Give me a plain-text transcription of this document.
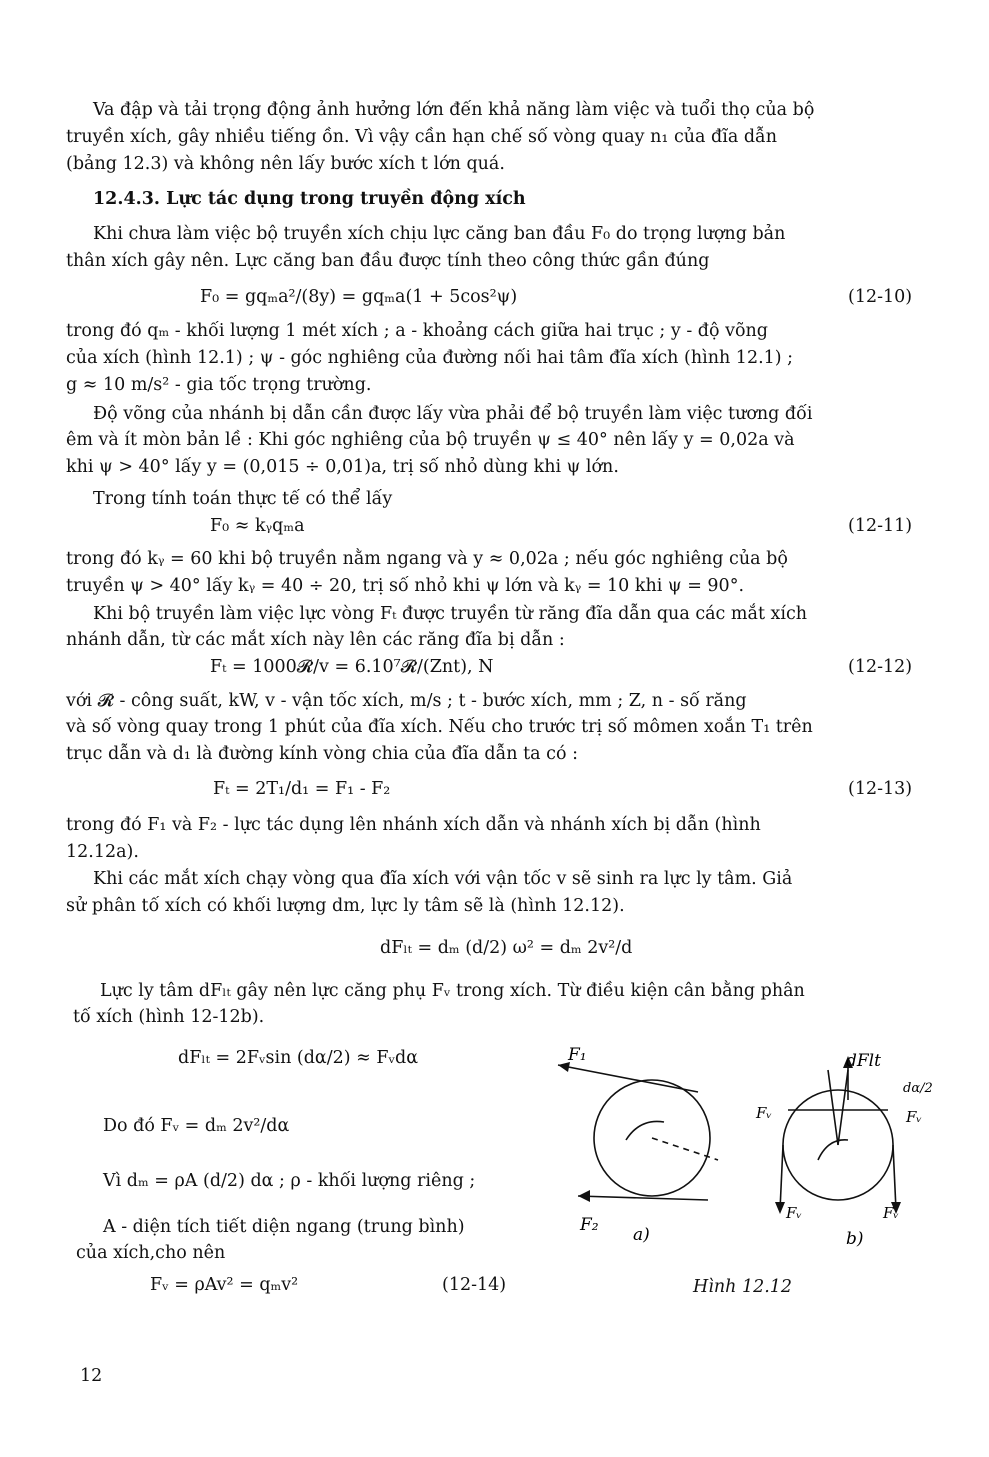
Va đập và tải trọng động ảnh hưởng lớn đến khả năng làm việc và tuổi thọ của bộ
truyền xích, gây nhiều tiếng ồn. Vì vậy cần hạn chế số vòng quay n₁ của đĩa dẫn
(bảng 12.3) và không nên lấy bước xích t lớn quá.
12.4.3. Lực tác dụng trong truyền động xích
Khi chưa làm việc bộ truyền xích chịu lực căng ban đầu F₀ do trọng lượng bản
thân xích gây nên. Lực căng ban đầu được tính theo công thức gần đúng
F₀ = gqₘa²/(8y) = gqₘa(1 + 5cos²ψ)	(12-10)
trong đó qₘ - khối lượng 1 mét xích ; a - khoảng cách giữa hai trục ; y - độ võng
của xích (hình 12.1) ; ψ - góc nghiêng của đường nối hai tâm đĩa xích (hình 12.1) ;
g ≈ 10 m/s² - gia tốc trọng trường.
Độ võng của nhánh bị dẫn cần được lấy vừa phải để bộ truyền làm việc tương đối
êm và ít mòn bản lề : Khi góc nghiêng của bộ truyền ψ ≤ 40° nên lấy y = 0,02a và
khi ψ > 40° lấy y = (0,015 ÷ 0,01)a, trị số nhỏ dùng khi ψ lớn.
Trong tính toán thực tế có thể lấy
F₀ ≈ kᵧqₘa	(12-11)
trong đó kᵧ = 60 khi bộ truyền nằm ngang và y ≈ 0,02a ; nếu góc nghiêng của bộ
truyền ψ > 40° lấy kᵧ = 40 ÷ 20, trị số nhỏ khi ψ lớn và kᵧ = 10 khi ψ = 90°.
Khi bộ truyền làm việc lực vòng Fₜ được truyền từ răng đĩa dẫn qua các mắt xích
nhánh dẫn, từ các mắt xích này lên các răng đĩa bị dẫn :
Fₜ = 1000𝓡/v = 6.10⁷𝓡/(Znt), N	(12-12)
với 𝓡 - công suất, kW, v - vận tốc xích, m/s ; t - bước xích, mm ; Z, n - số răng
và số vòng quay trong 1 phút của đĩa xích. Nếu cho trước trị số mômen xoắn T₁ trên
trục dẫn và d₁ là đường kính vòng chia của đĩa dẫn ta có :
Fₜ = 2T₁/d₁ = F₁ - F₂	(12-13)
trong đó F₁ và F₂ - lực tác dụng lên nhánh xích dẫn và nhánh xích bị dẫn (hình
12.12a).
Khi các mắt xích chạy vòng qua đĩa xích với vận tốc v sẽ sinh ra lực ly tâm. Giả
sử phân tố xích có khối lượng dm, lực ly tâm sẽ là (hình 12.12).
dFₗₜ = dₘ (d/2) ω² = dₘ 2v²/d
Lực ly tâm dFₗₜ gây nên lực căng phụ Fᵥ trong xích. Từ điều kiện cân bằng phân
tố xích (hình 12-12b).
dFₗₜ = 2Fᵥsin (dα/2) ≈ Fᵥdα
Do đó Fᵥ = dₘ 2v²/dα
Vì dₘ = ρA (d/2) dα ; ρ - khối lượng riêng ;
A - diện tích tiết diện ngang (trung bình)
của xích,cho nên
Fᵥ = ρAv² = qₘv²	(12-14)
F₁
F₂ a)
dFlt
dα/2
Fᵥ	Fᵥ
Fᵥ	Fᵥ
b)
Hình 12.12
12
